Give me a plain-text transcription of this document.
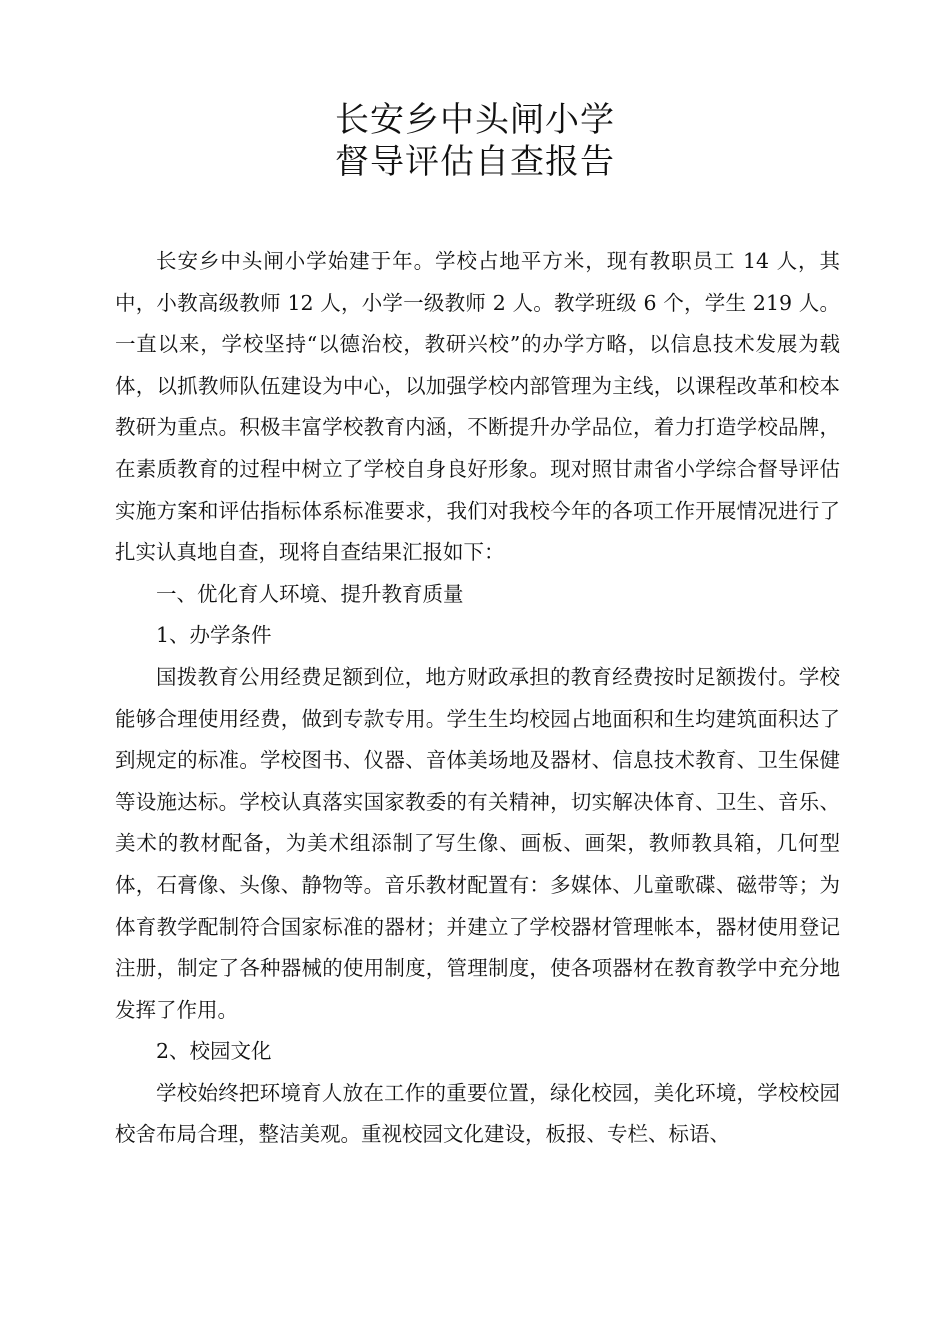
长安乡中头闸小学
督导评估自查报告

长安乡中头闸小学始建于年。学校占地平方米，现有教职员工 14 人，其中，小教高级教师 12 人，小学一级教师 2 人。教学班级 6 个，学生 219 人。一直以来，学校坚持“以德治校，教研兴校”的办学方略，以信息技术发展为载体，以抓教师队伍建设为中心，以加强学校内部管理为主线，以课程改革和校本教研为重点。积极丰富学校教育内涵，不断提升办学品位，着力打造学校品牌，在素质教育的过程中树立了学校自身良好形象。现对照甘肃省小学综合督导评估实施方案和评估指标体系标准要求，我们对我校今年的各项工作开展情况进行了扎实认真地自查，现将自查结果汇报如下：

一、优化育人环境、提升教育质量

1、办学条件

国拨教育公用经费足额到位，地方财政承担的教育经费按时足额拨付。学校能够合理使用经费，做到专款专用。学生生均校园占地面积和生均建筑面积达了到规定的标准。学校图书、仪器、音体美场地及器材、信息技术教育、卫生保健等设施达标。学校认真落实国家教委的有关精神，切实解决体育、卫生、音乐、美术的教材配备，为美术组添制了写生像、画板、画架，教师教具箱，几何型体，石膏像、头像、静物等。音乐教材配置有：多媒体、儿童歌碟、磁带等；为体育教学配制符合国家标准的器材；并建立了学校器材管理帐本，器材使用登记注册，制定了各种器械的使用制度，管理制度，使各项器材在教育教学中充分地发挥了作用。

2、校园文化

学校始终把环境育人放在工作的重要位置，绿化校园，美化环境，学校校园校舍布局合理，整洁美观。重视校园文化建设，板报、专栏、标语、
